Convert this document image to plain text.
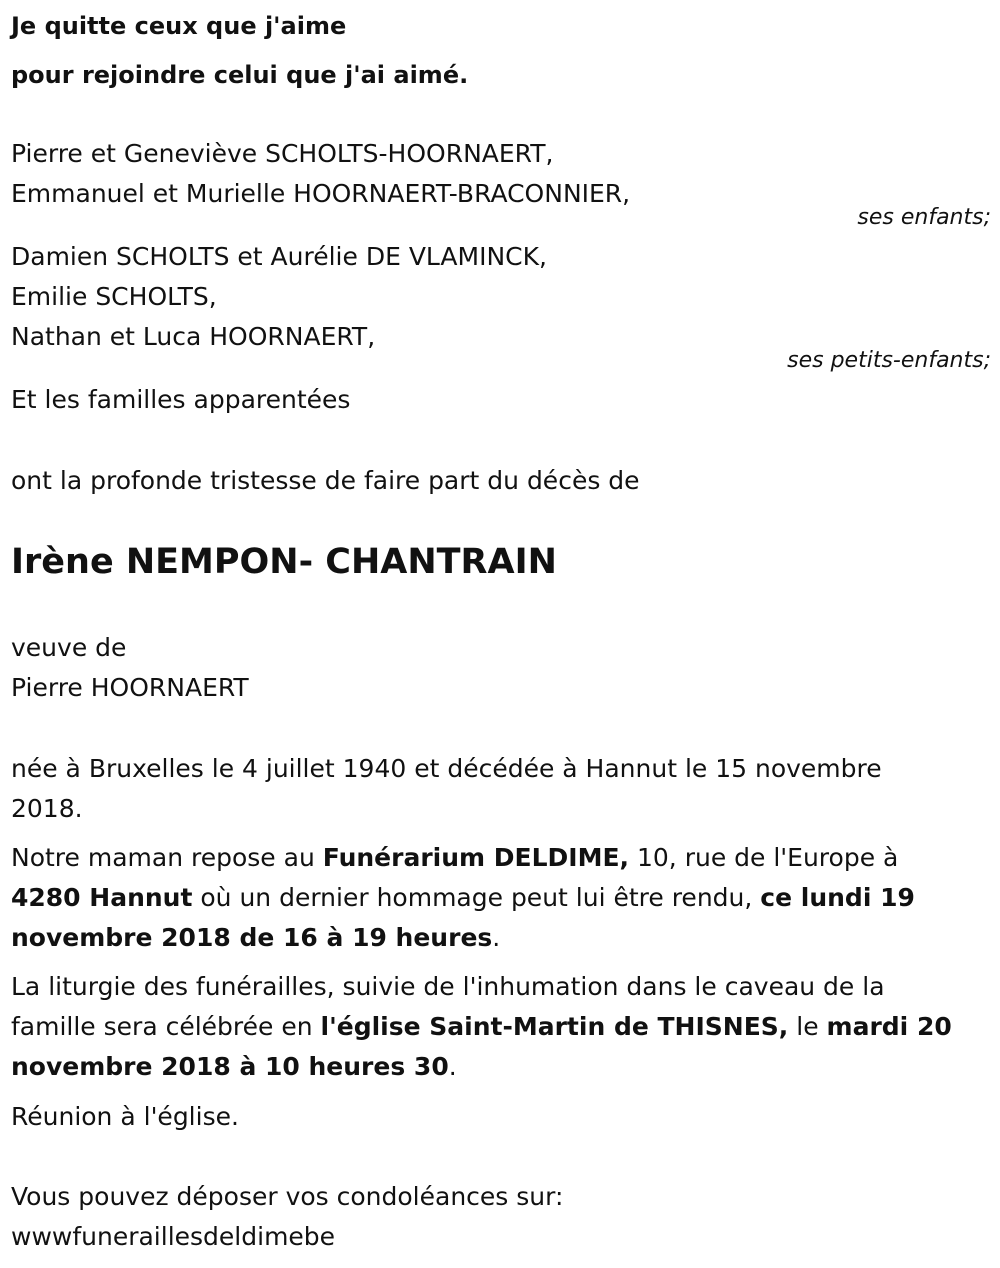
Je quitte ceux que j'aime
pour rejoindre celui que j'ai aimé.
Pierre et Geneviève SCHOLTS-HOORNAERT,
Emmanuel et Murielle HOORNAERT-BRACONNIER,
ses enfants;
Damien SCHOLTS et Aurélie DE VLAMINCK,
Emilie SCHOLTS,
Nathan et Luca HOORNAERT,
ses petits-enfants;
Et les familles apparentées
ont la profonde tristesse de faire part du décès de
Irène NEMPON- CHANTRAIN
veuve de
Pierre HOORNAERT
née à Bruxelles le 4 juillet 1940 et décédée à Hannut le 15 novembre 2018.
Notre maman repose au Funérarium DELDIME, 10, rue de l'Europe à 4280 Hannut où un dernier hommage peut lui être rendu, ce lundi 19 novembre 2018 de 16 à 19 heures.
La liturgie des funérailles, suivie de l'inhumation dans le caveau de la famille sera célébrée en l'église Saint-Martin de THISNES, le mardi 20 novembre 2018 à 10 heures 30.
Réunion à l'église.
Vous pouvez déposer vos condoléances sur:
wwwfuneraillesdeldimebe
